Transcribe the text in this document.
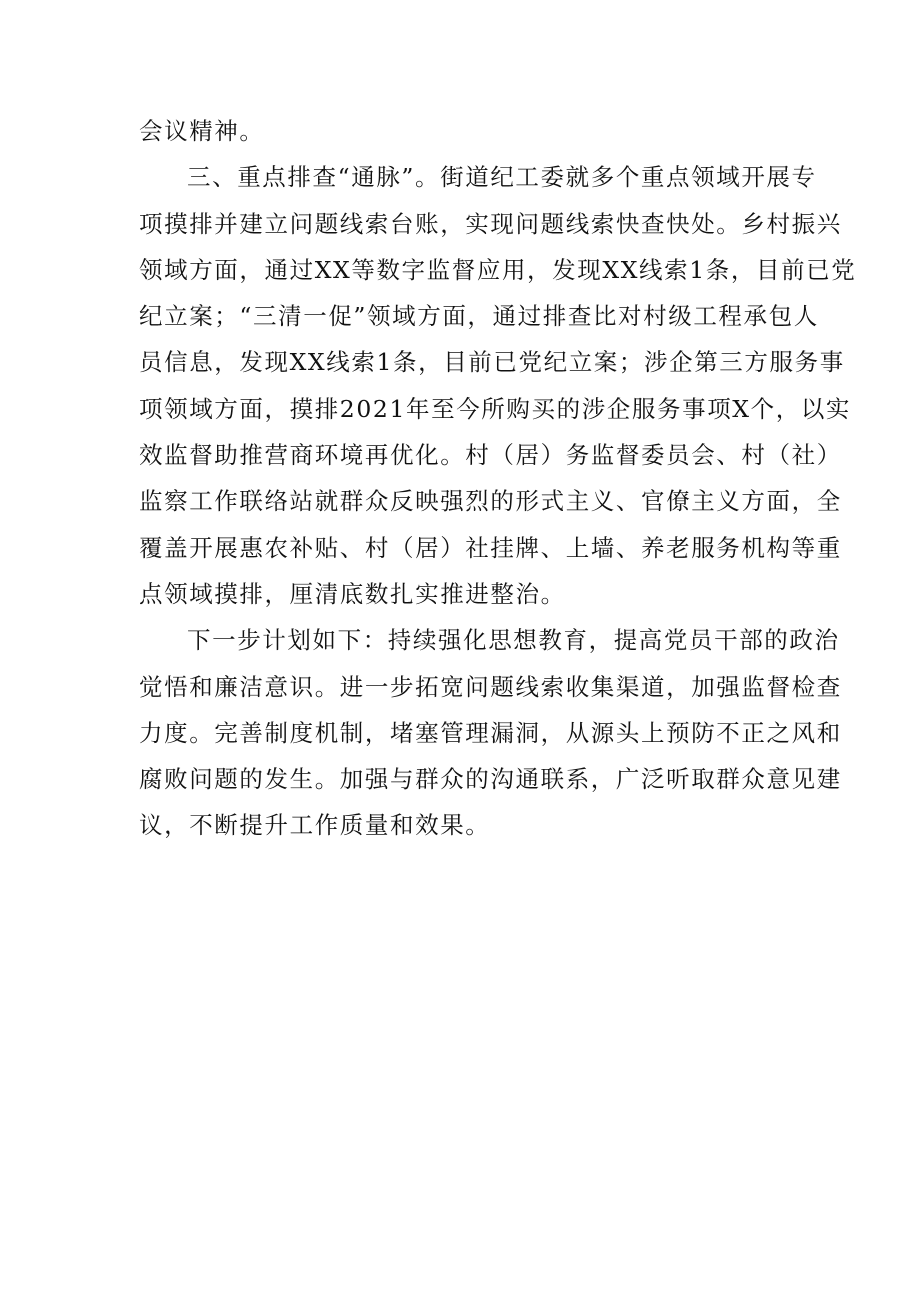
会议精神。
三、重点排查“通脉”。街道纪工委就多个重点领域开展专
项摸排并建立问题线索台账，实现问题线索快查快处。乡村振兴
领域方面，通过XX等数字监督应用，发现XX线索1条，目前已党
纪立案；“三清一促”领域方面，通过排查比对村级工程承包人
员信息，发现XX线索1条，目前已党纪立案；涉企第三方服务事
项领域方面，摸排2021年至今所购买的涉企服务事项X个，以实
效监督助推营商环境再优化。村（居）务监督委员会、村（社）
监察工作联络站就群众反映强烈的形式主义、官僚主义方面，全
覆盖开展惠农补贴、村（居）社挂牌、上墙、养老服务机构等重
点领域摸排，厘清底数扎实推进整治。
下一步计划如下：持续强化思想教育，提高党员干部的政治
觉悟和廉洁意识。进一步拓宽问题线索收集渠道，加强监督检查
力度。完善制度机制，堵塞管理漏洞，从源头上预防不正之风和
腐败问题的发生。加强与群众的沟通联系，广泛听取群众意见建
议，不断提升工作质量和效果。
